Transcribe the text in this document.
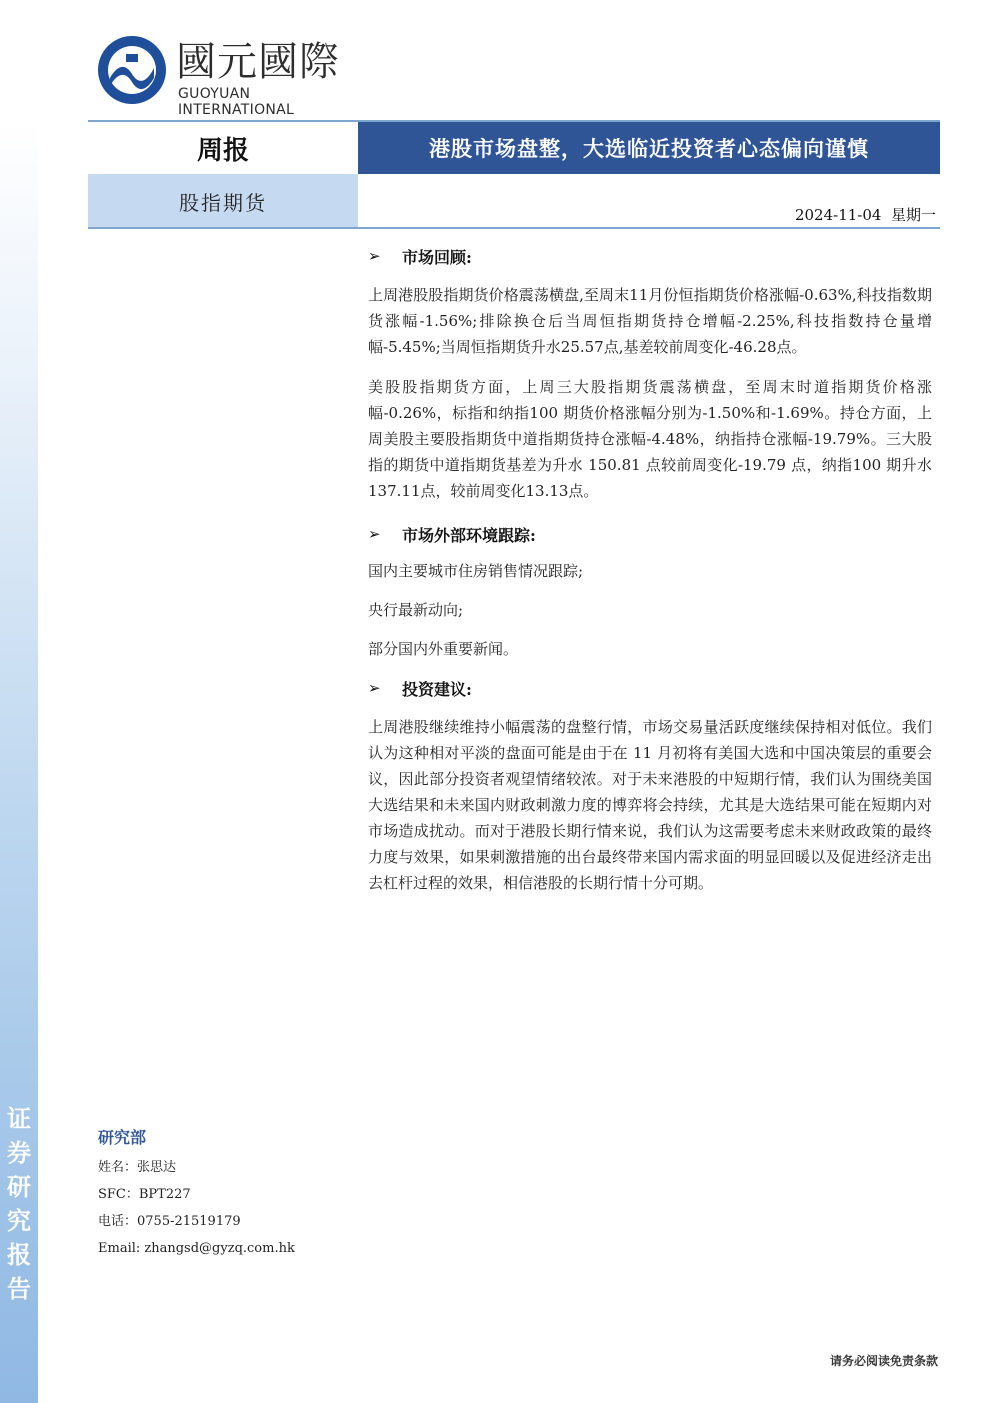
证
券
研
究
报
告
國元國際
GUOYUAN INTERNATIONAL
周报	港股市场盘整，大选临近投资者心态偏向谨慎
股指期货
2024-11-04  星期一
➢	市场回顾:

上周港股股指期货价格震荡横盘,至周末11月份恒指期货价格涨幅-0.63%,科技指数期货涨幅-1.56%;排除换仓后当周恒指期货持仓增幅-2.25%,科技指数持仓量增幅-5.45%;当周恒指期货升水25.57点,基差较前周变化-46.28点。

美股股指期货方面，上周三大股指期货震荡横盘，至周末时道指期货价格涨幅-0.26%，标指和纳指100 期货价格涨幅分别为-1.50%和-1.69%。持仓方面，上周美股主要股指期货中道指期货持仓涨幅-4.48%，纳指持仓涨幅-19.79%。三大股指的期货中道指期货基差为升水 150.81 点较前周变化-19.79 点，纳指100 期升水137.11点，较前周变化13.13点。

➢	市场外部环境跟踪:

国内主要城市住房销售情况跟踪;

央行最新动向;

部分国内外重要新闻。

➢	投资建议:

上周港股继续维持小幅震荡的盘整行情，市场交易量活跃度继续保持相对低位。我们认为这种相对平淡的盘面可能是由于在 11 月初将有美国大选和中国决策层的重要会议，因此部分投资者观望情绪较浓。对于未来港股的中短期行情，我们认为围绕美国大选结果和未来国内财政刺激力度的博弈将会持续，尤其是大选结果可能在短期内对市场造成扰动。而对于港股长期行情来说，我们认为这需要考虑未来财政政策的最终力度与效果，如果刺激措施的出台最终带来国内需求面的明显回暖以及促进经济走出去杠杆过程的效果，相信港股的长期行情十分可期。

研究部
姓名：张思达
SFC：BPT227
电话：0755-21519179
Email: zhangsd@gyzq.com.hk
请务必阅读免责条款
